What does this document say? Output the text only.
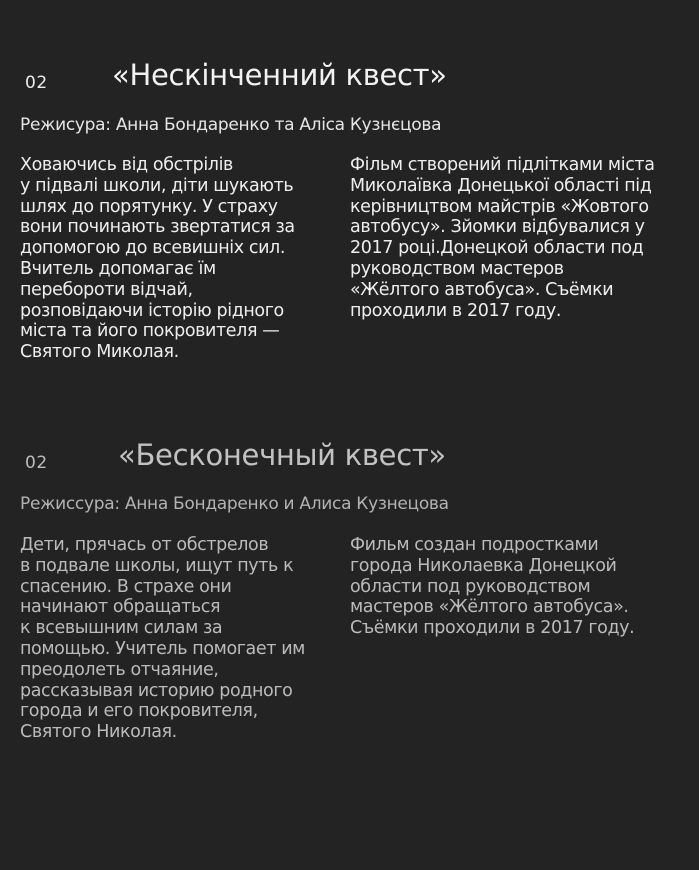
02 «Нескінченний квест»
Режисура: Анна Бондаренко та Аліса Кузнєцова
Ховаючись від обстрілів
у підвалі школи, діти шукають
шлях до порятунку. У страху
вони починають звертатися за
допомогою до всевишніх сил.
Вчитель допомагає їм
перебороти відчай,
розповідаючи історію рідного
міста та його покровителя —
Святого Миколая.
Фільм створений підлітками міста
Миколаївка Донецької області під
керівництвом майстрів «Жовтого
автобусу». Зйомки відбувалися у
2017 році.Донецкой области под
руководством мастеров
«Жёлтого автобуса». Съёмки
проходили в 2017 году.
02 «Бесконечный квест»
Режиссура: Анна Бондаренко и Алиса Кузнецова
Дети, прячась от обстрелов
в подвале школы, ищут путь к
спасению. В страхе они
начинают обращаться
к всевышним силам за
помощью. Учитель помогает им
преодолеть отчаяние,
рассказывая историю родного
города и его покровителя,
Святого Николая.
Фильм создан подростками
города Николаевка Донецкой
области под руководством
мастеров «Жёлтого автобуса».
Съёмки проходили в 2017 году.
